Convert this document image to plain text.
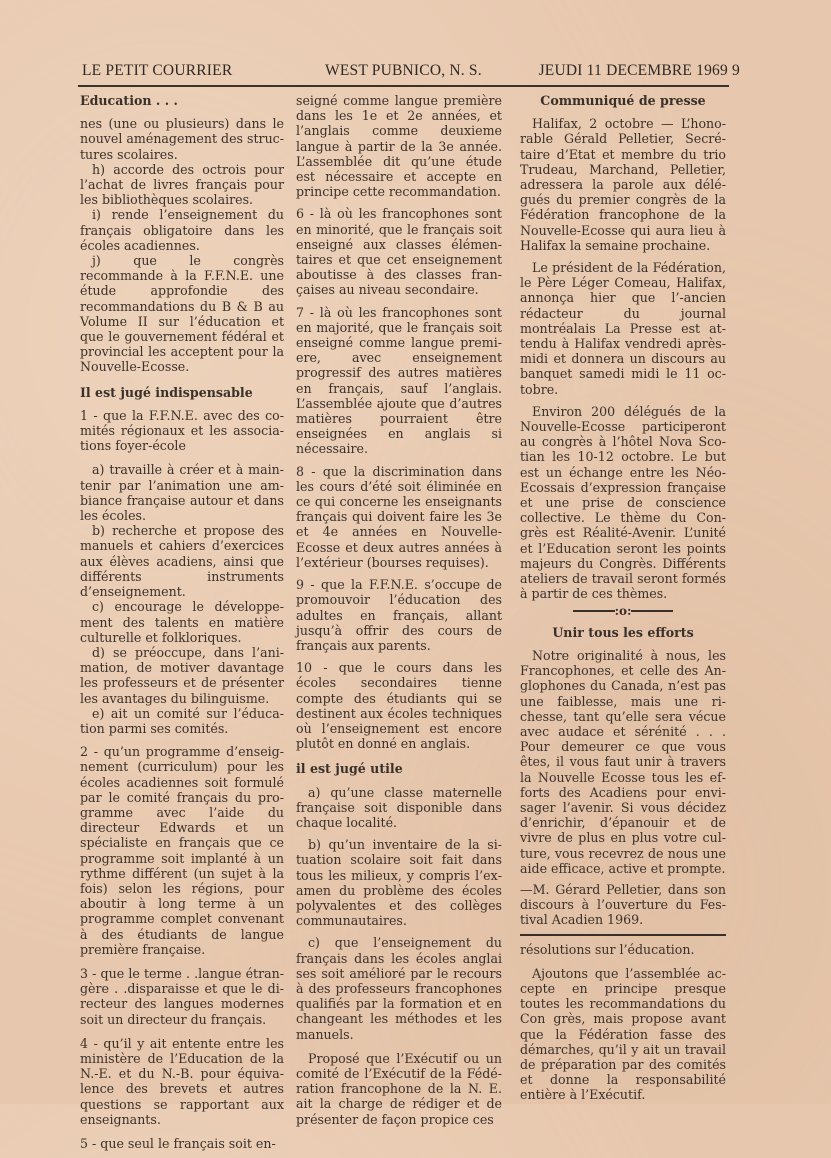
LE PETIT COURRIER	WEST PUBNICO, N. S.	JEUDI 11 DECEMBRE 1969 9
Education . . .

nes (une ou plusieurs) dans le nouvel aménagement des structures scolaires.

h) accorde des octrois pour l’achat de livres français pour les bibliothèques scolaires.

i) rende l’enseignement du français obligatoire dans les écoles acadiennes.

j) que le congrès recommande à la F.F.N.E. une étude approfondie des recommandations du B & B au Volume II sur l’éducation et que le gouvernement fédéral et provincial les acceptent pour la Nouvelle-Ecosse.

Il est jugé indispensable

1 - que la F.F.N.E. avec des comités régionaux et les associations foyer-école

a) travaille à créer et à maintenir par l’animation une ambiance française autour et dans les écoles.

b) recherche et propose des manuels et cahiers d’exercices aux élèves acadiens, ainsi que différents instruments d’enseignement.

c) encourage le développement des talents en matière culturelle et folkloriques.

d) se préoccupe, dans l’animation, de motiver davantage les professeurs et de présenter les avantages du bilinguisme.

e) ait un comité sur l’éducation parmi ses comités.

2 - qu’un programme d’enseignement (curriculum) pour les écoles acadiennes soit formulé par le comité français du programme avec l’aide du directeur Edwards et un spécialiste en français que ce programme soit implanté à un rythme différent (un sujet à la fois) selon les régions, pour aboutir à long terme à un programme complet convenant à des étudiants de langue première française.

3 - que le terme . .langue étrangère . .disparaisse et que le directeur des langues modernes soit un directeur du français.

4 - qu’il y ait entente entre les ministère de l’Education de la N.-E. et du N.-B. pour équivalence des brevets et autres questions se rapportant aux enseignants.

5 - que seul le français soit en-

seigné comme langue première dans les 1e et 2e années, et l’anglais comme deuxieme langue à partir de la 3e année. L’assemblée dit qu’une étude est nécessaire et accepte en principe cette recommandation.

6 - là où les francophones sont en minorité, que le français soit enseigné aux classes élémentaires et que cet enseignement aboutisse à des classes françaises au niveau secondaire.

7 - là où les francophones sont en majorité, que le français soit enseigné comme langue premiere, avec enseignement progressif des autres matières en français, sauf l’anglais. L’assemblée ajoute que d’autres matières pourraient être enseignées en anglais si nécessaire.

8 - que la discrimination dans les cours d’été soit éliminée en ce qui concerne les enseignants français qui doivent faire les 3e et 4e années en Nouvelle-Ecosse et deux autres années à l’extérieur (bourses requises).

9 - que la F.F.N.E. s’occupe de promouvoir l’éducation des adultes en français, allant jusqu’à offrir des cours de français aux parents.

10 - que le cours dans les écoles secondaires tienne compte des étudiants qui se destinent aux écoles techniques où l’enseignement est encore plutôt en donné en anglais.

il est jugé utile

a) qu’une classe maternelle française soit disponible dans chaque localité.

b) qu’un inventaire de la situation scolaire soit fait dans tous les milieux, y compris l’examen du problème des écoles polyvalentes et des collèges communautaires.

c) que l’enseignement du français dans les écoles anglai ses soit amélioré par le recours à des professeurs francophones qualifiés par la formation et en changeant les méthodes et les manuels.

Proposé que l’Exécutif ou un comité de l’Exécutif de la Fédération francophone de la N. E. ait la charge de rédiger et de présenter de façon propice ces

Communiqué de presse

Halifax, 2 octobre — L’honorable Gérald Pelletier, Secrétaire d’Etat et membre du trio Trudeau, Marchand, Pelletier, adressera la parole aux délégués du premier congrès de la Fédération francophone de la Nouvelle-Ecosse qui aura lieu à Halifax la semaine prochaine.

Le président de la Fédération, le Père Léger Comeau, Halifax, annonça hier que l’-ancien rédacteur du journal montréalais La Presse est attendu à Halifax vendredi après-midi et donnera un discours au banquet samedi midi le 11 octobre.

Environ 200 délégués de la Nouvelle-Ecosse participeront au congrès à l’hôtel Nova Scotian les 10-12 octobre. Le but est un échange entre les Néo-Ecossais d’expression française et une prise de conscience collective. Le thème du Congrès est Réalité-Avenir. L’unité et l’Education seront les points majeurs du Congrès. Différents ateliers de travail seront formés à partir de ces thèmes.

:o:
Unir tous les efforts

Notre originalité à nous, les Francophones, et celle des Anglophones du Canada, n’est pas une faiblesse, mais une richesse, tant qu’elle sera vécue avec audace et sérénité . . . Pour demeurer ce que vous êtes, il vous faut unir à travers la Nouvelle Ecosse tous les efforts des Acadiens pour envisager l’avenir. Si vous décidez d’enrichir, d’épanouir et de vivre de plus en plus votre culture, vous recevrez de nous une aide efficace, active et prompte.

—M. Gérard Pelletier, dans son discours à l’ouverture du Festival Acadien 1969.

résolutions sur l’éducation.

Ajoutons que l’assemblée accepte en principe presque toutes les recommandations du Con grès, mais propose avant que la Fédération fasse des démarches, qu’il y ait un travail de préparation par des comités et donne la responsabilité entière à l’Exécutif.
